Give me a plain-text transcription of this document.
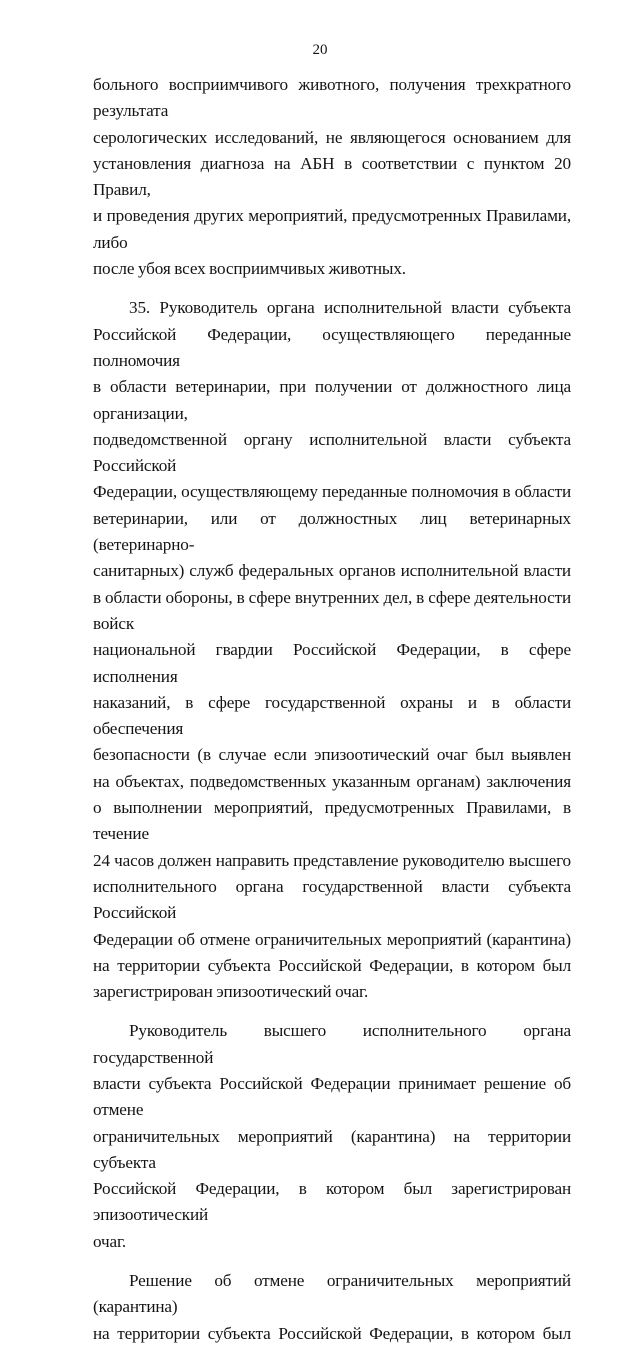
20
больного восприимчивого животного, получения трехкратного результата
серологических исследований, не являющегося основанием для
установления диагноза на АБН в соответствии с пунктом 20 Правил,
и проведения других мероприятий, предусмотренных Правилами, либо
после убоя всех восприимчивых животных.
35. Руководитель органа исполнительной власти субъекта
Российской Федерации, осуществляющего переданные полномочия
в области ветеринарии, при получении от должностного лица организации,
подведомственной органу исполнительной власти субъекта Российской
Федерации, осуществляющему переданные полномочия в области
ветеринарии, или от должностных лиц ветеринарных (ветеринарно-
санитарных) служб федеральных органов исполнительной власти
в области обороны, в сфере внутренних дел, в сфере деятельности войск
национальной гвардии Российской Федерации, в сфере исполнения
наказаний, в сфере государственной охраны и в области обеспечения
безопасности (в случае если эпизоотический очаг был выявлен
на объектах, подведомственных указанным органам) заключения
о выполнении мероприятий, предусмотренных Правилами, в течение
24 часов должен направить представление руководителю высшего
исполнительного органа государственной власти субъекта Российской
Федерации об отмене ограничительных мероприятий (карантина)
на территории субъекта Российской Федерации, в котором был
зарегистрирован эпизоотический очаг.
Руководитель высшего исполнительного органа государственной
власти субъекта Российской Федерации принимает решение об отмене
ограничительных мероприятий (карантина) на территории субъекта
Российской Федерации, в котором был зарегистрирован эпизоотический
очаг.
Решение об отмене ограничительных мероприятий (карантина)
на территории субъекта Российской Федерации, в котором был
